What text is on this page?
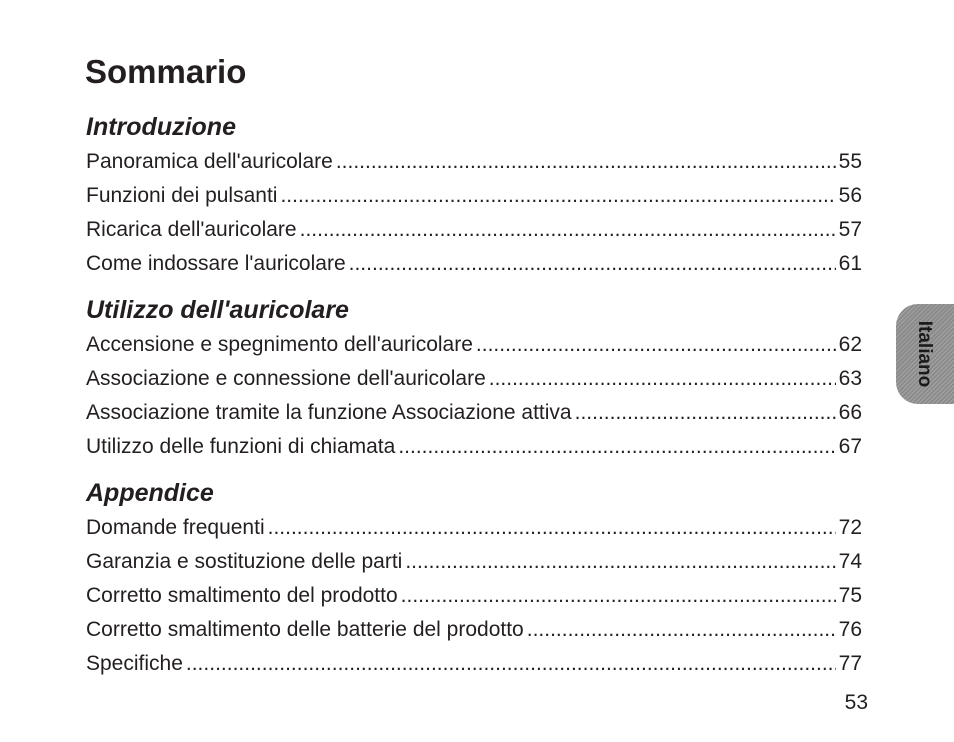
Sommario
Introduzione
Panoramica dell'auricolare .....	55
Funzioni dei pulsanti .....	56
Ricarica dell'auricolare .....	57
Come indossare l'auricolare .....	61
Utilizzo dell'auricolare
Accensione e spegnimento dell'auricolare .....	62
Associazione e connessione dell'auricolare .....	63
Associazione tramite la funzione Associazione attiva .....	66
Utilizzo delle funzioni di chiamata .....	67
Appendice
Domande frequenti .....	72
Garanzia e sostituzione delle parti .....	74
Corretto smaltimento del prodotto .....	75
Corretto smaltimento delle batterie del prodotto .....	76
Specifiche .....	77
Italiano
53
